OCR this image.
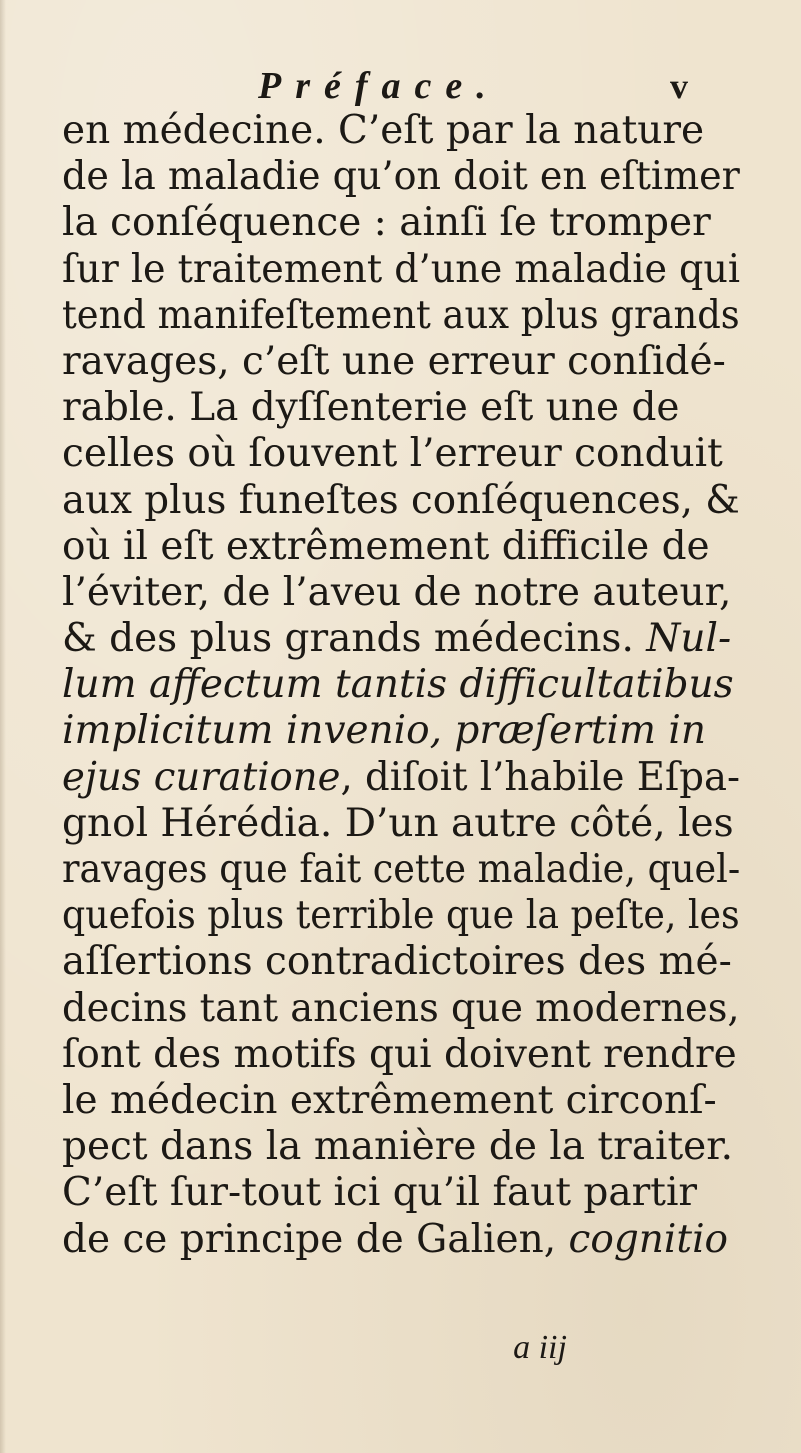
Préface.	v
en médecine. C’eſt par la nature
de la maladie qu’on doit en eſtimer
la conſéquence : ainſi ſe tromper
ſur le traitement d’une maladie qui
tend manifeſtement aux plus grands
ravages, c’eſt une erreur conſidé-
rable. La dyſſenterie eſt une de
celles où ſouvent l’erreur conduit
aux plus funeſtes conſéquences, &
où il eſt extrêmement difficile de
l’éviter, de l’aveu de notre auteur,
& des plus grands médecins. Nul-
lum affectum tantis difficultatibus
implicitum invenio, præſertim in
ejus curatione, diſoit l’habile Eſpa-
gnol Hérédia. D’un autre côté, les
ravages que fait cette maladie, quel-
quefois plus terrible que la peſte, les
aſſertions contradictoires des mé-
decins tant anciens que modernes,
ſont des motifs qui doivent rendre
le médecin extrêmement circonſ-
pect dans la manière de la traiter.
C’eſt ſur-tout ici qu’il faut partir
de ce principe de Galien, cognitio
a iij
